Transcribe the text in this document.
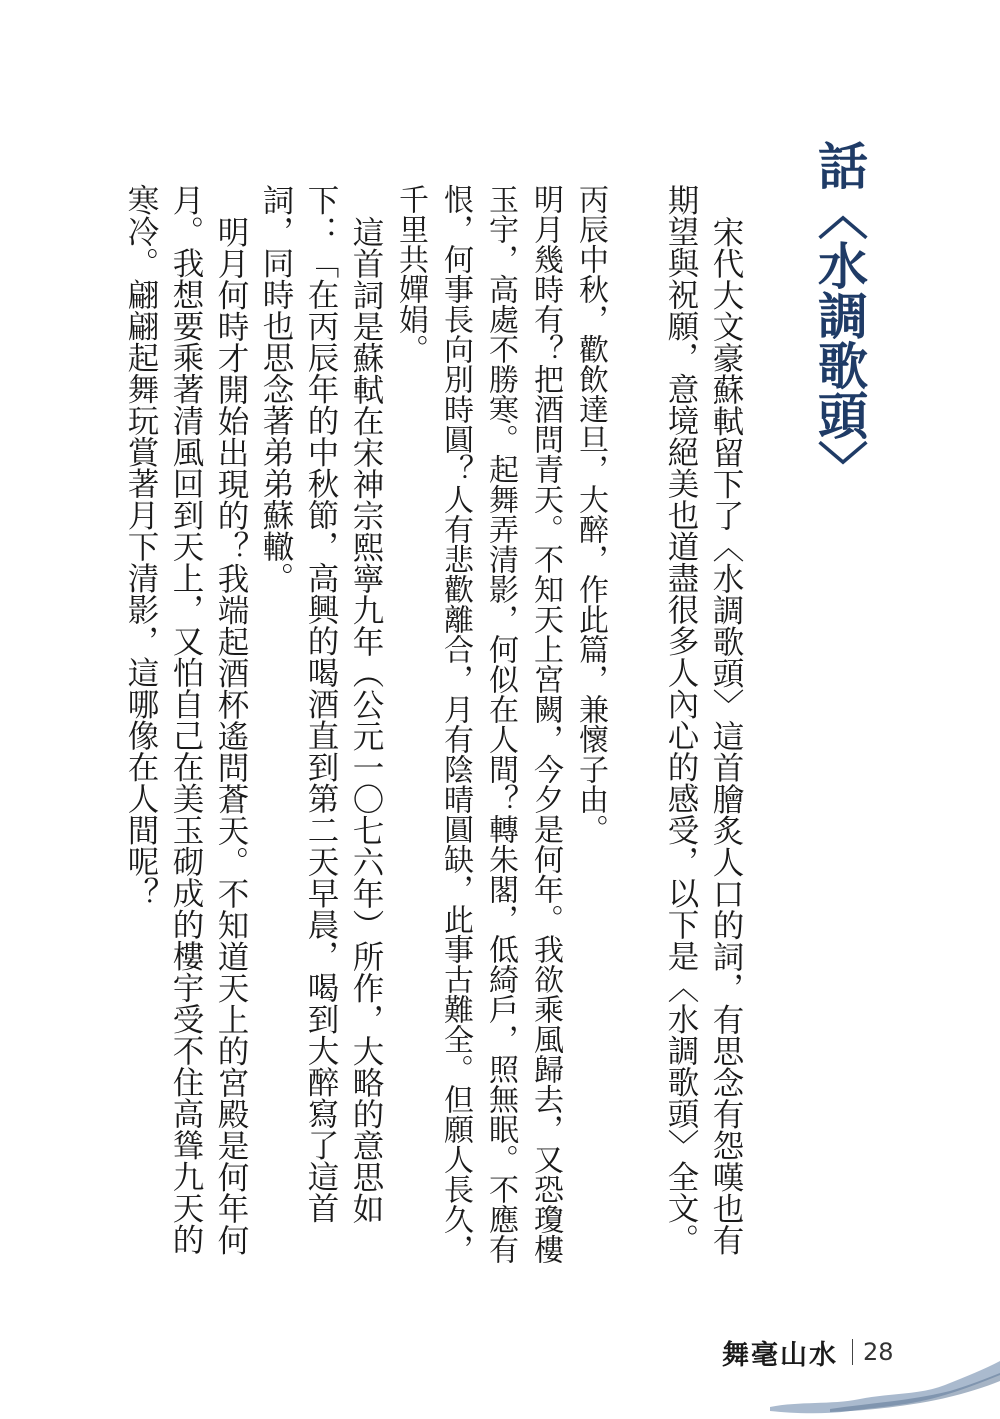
話〈水調歌頭〉

宋代大文豪蘇軾留下了〈水調歌頭〉這首膾炙人口的詞，有思念有怨嘆也有期望與祝願，意境絕美也道盡很多人內心的感受，以下是〈水調歌頭〉全文。

丙辰中秋，歡飲達旦，大醉，作此篇，兼懷子由。

明月幾時有？把酒問青天。不知天上宮闕，今夕是何年。我欲乘風歸去，又恐瓊樓玉宇，高處不勝寒。起舞弄清影，何似在人間？轉朱閣，低綺戶，照無眠。不應有恨，何事長向別時圓？人有悲歡離合，月有陰晴圓缺，此事古難全。但願人長久，千里共嬋娟。

這首詞是蘇軾在宋神宗熙寧九年（公元一〇七六年）所作，大略的意思如下：「在丙辰年的中秋節，高興的喝酒直到第二天早晨，喝到大醉寫了這首詞，同時也思念著弟弟蘇轍。

明月何時才開始出現的？我端起酒杯遙問蒼天。不知道天上的宮殿是何年何月。我想要乘著清風回到天上，又怕自己在美玉砌成的樓宇受不住高聳九天的寒冷。翩翩起舞玩賞著月下清影，這哪像在人間呢？

舞毫山水 28
